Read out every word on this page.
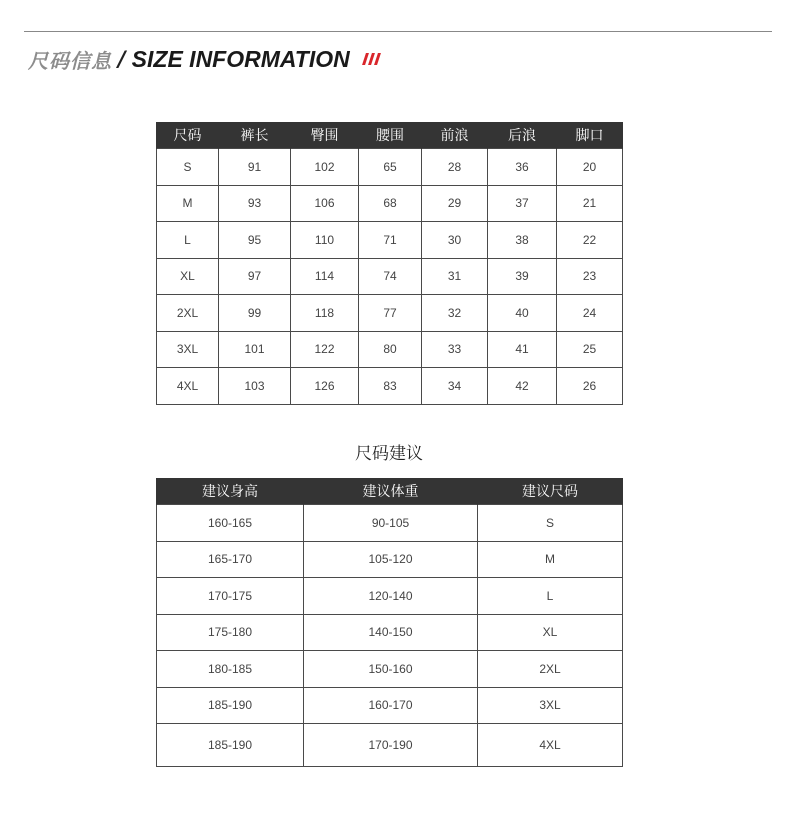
尺码信息 / SIZE INFORMATION
尺码	裤长	臀围	腰围	前浪	后浪	脚口
S	91	102	65	28	36	20
M	93	106	68	29	37	21
L	95	110	71	30	38	22
XL	97	114	74	31	39	23
2XL	99	118	77	32	40	24
3XL	101	122	80	33	41	25
4XL	103	126	83	34	42	26
尺码建议
建议身高	建议体重	建议尺码
160-165	90-105	S
165-170	105-120	M
170-175	120-140	L
175-180	140-150	XL
180-185	150-160	2XL
185-190	160-170	3XL
185-190	170-190	4XL
